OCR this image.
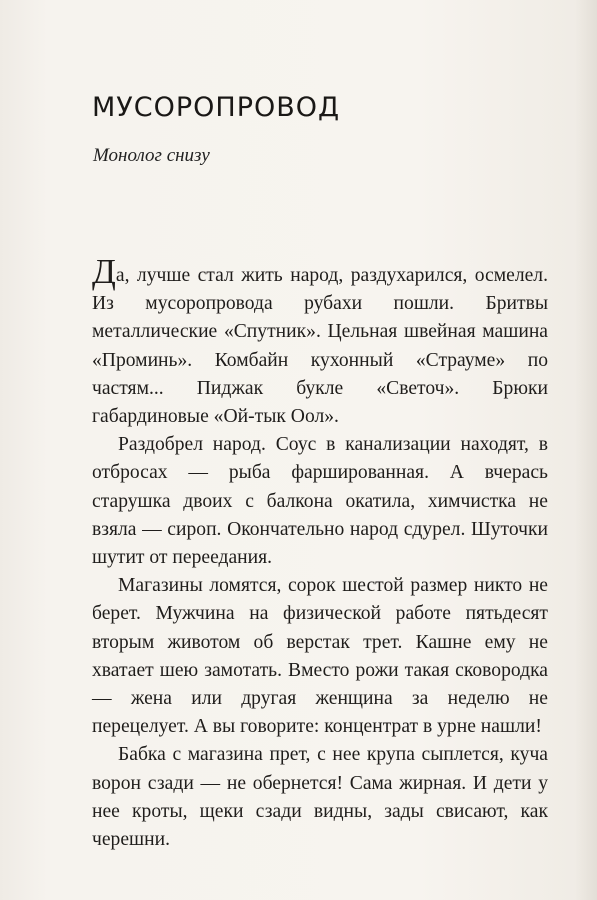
МУСОРОПРОВОД
Монолог снизу

Да, лучше стал жить народ, раздухарился, осмелел. Из мусоропровода рубахи пошли. Бритвы металлические «Спутник». Цельная швейная машина «Проминь». Комбайн кухонный «Страуме» по частям... Пиджак букле «Светоч». Брюки габардиновые «Ой-тык Оол».

Раздобрел народ. Соус в канализации находят, в отбросах — рыба фаршированная. А вчерась старушка двоих с балкона окатила, химчистка не взяла — сироп. Окончательно народ сдурел. Шуточки шутит от переедания.

Магазины ломятся, сорок шестой размер никто не берет. Мужчина на физической работе пятьдесят вторым животом об верстак трет. Кашне ему не хватает шею замотать. Вместо рожи такая сковородка — жена или другая женщина за неделю не перецелует. А вы говорите: концентрат в урне нашли!

Бабка с магазина прет, с нее крупа сыплется, куча ворон сзади — не обернется! Сама жирная. И дети у нее кроты, щеки сзади видны, зады свисают, как черешни.
